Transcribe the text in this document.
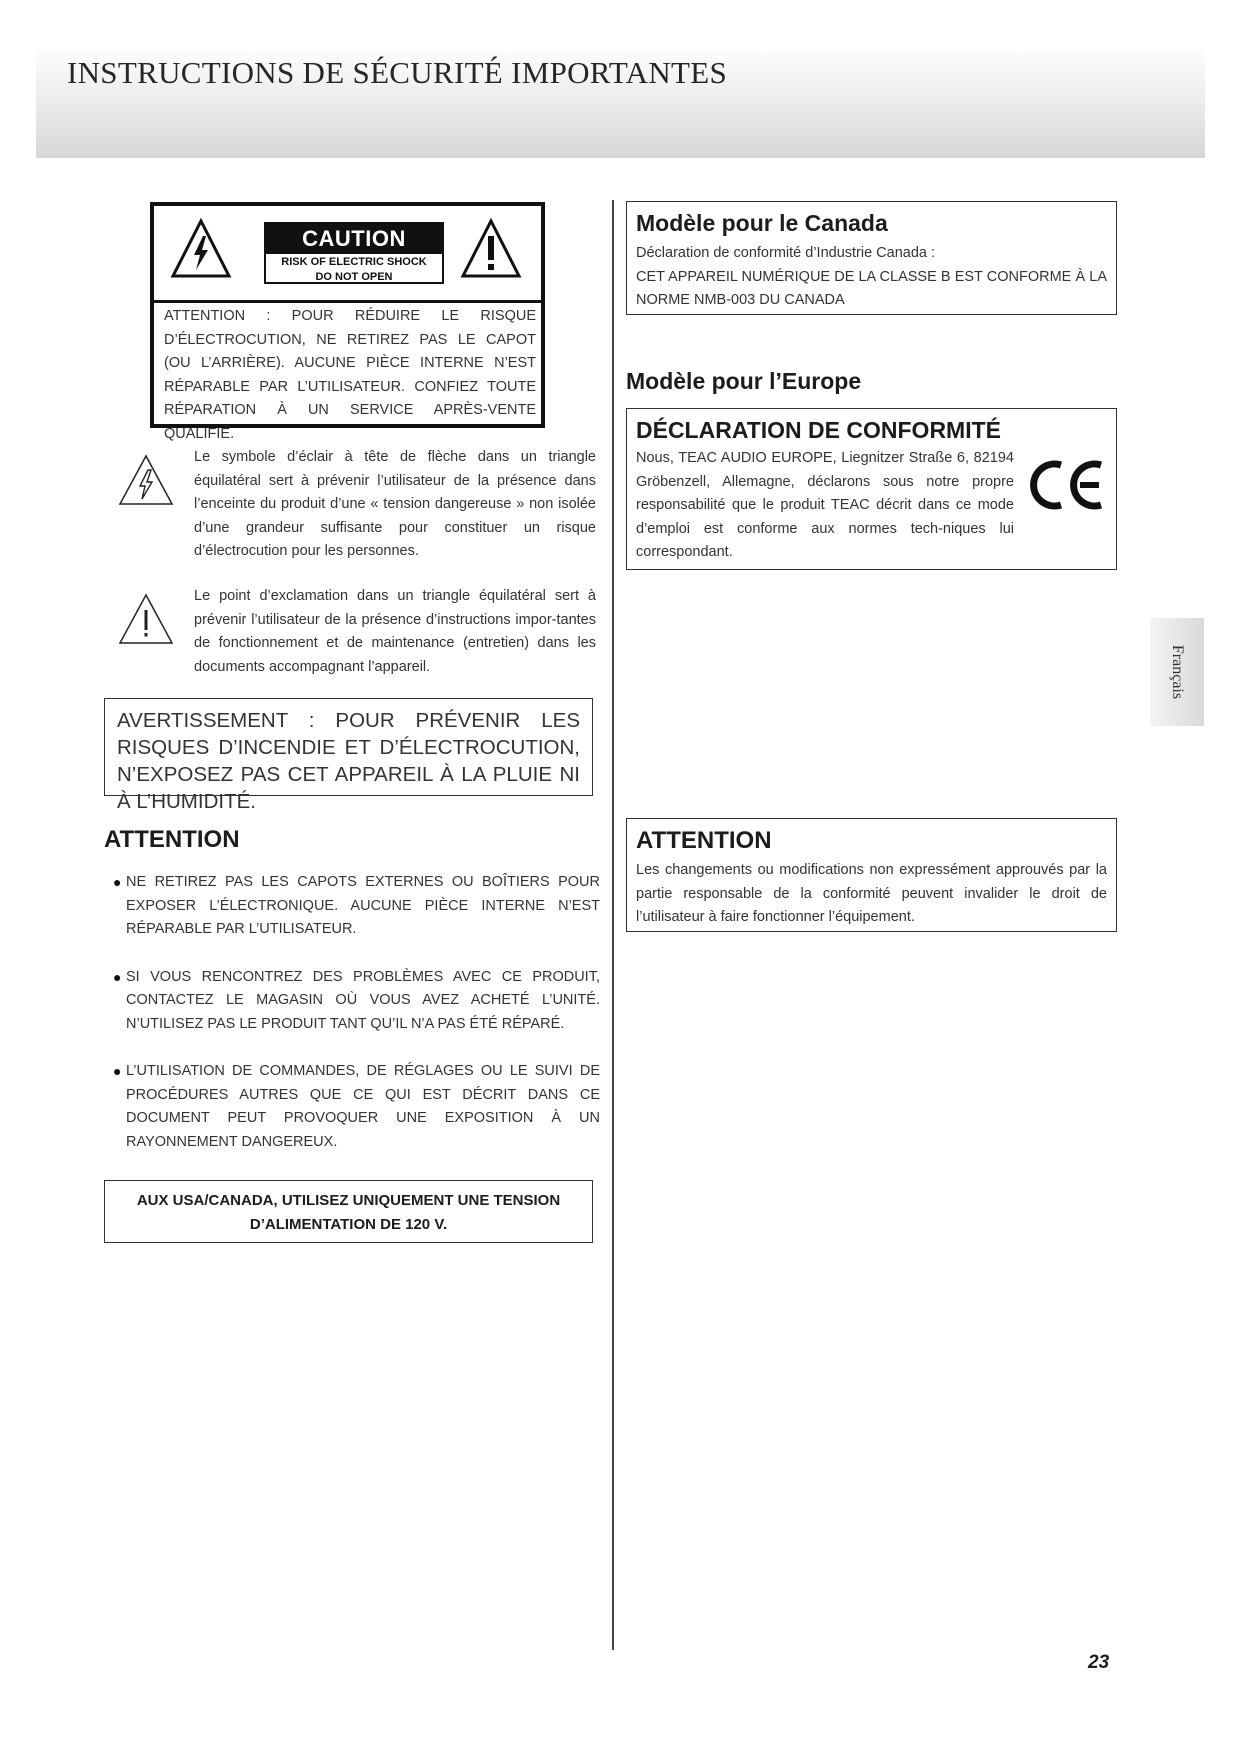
INSTRUCTIONS DE SÉCURITÉ IMPORTANTES
CAUTION
RISK OF ELECTRIC SHOCK
DO NOT OPEN

ATTENTION : POUR RÉDUIRE LE RISQUE
D’ÉLECTROCUTION, NE RETIREZ PAS LE CAPOT
(OU L’ARRIÈRE). AUCUNE PIÈCE INTERNE N’EST
RÉPARABLE PAR L’UTILISATEUR. CONFIEZ TOUTE
RÉPARATION À UN SERVICE APRÈS-VENTE QUALIFIÉ.

Le symbole d’éclair à tête de flèche dans un triangle équilatéral sert à prévenir l’utilisateur de la présence dans l’enceinte du produit d’une « tension dangereuse » non isolée d’une grandeur suffisante pour constituer un risque d’électrocution pour les personnes.

Le point d’exclamation dans un triangle équilatéral sert à prévenir l’utilisateur de la présence d’instructions impor-tantes de fonctionnement et de maintenance (entretien) dans les documents accompagnant l’appareil.

AVERTISSEMENT : POUR PRÉVENIR LES RISQUES D’INCENDIE ET D’ÉLECTROCUTION, N’EXPOSEZ PAS CET APPAREIL À LA PLUIE NI À L’HUMIDITÉ.

ATTENTION
● NE RETIREZ PAS LES CAPOTS EXTERNES OU BOÎTIERS POUR EXPOSER L’ÉLECTRONIQUE. AUCUNE PIÈCE INTERNE N’EST RÉPARABLE PAR L’UTILISATEUR.
● SI VOUS RENCONTREZ DES PROBLÈMES AVEC CE PRODUIT, CONTACTEZ LE MAGASIN OÙ VOUS AVEZ ACHETÉ L’UNITÉ. N’UTILISEZ PAS LE PRODUIT TANT QU’IL N’A PAS ÉTÉ RÉPARÉ.
● L’UTILISATION DE COMMANDES, DE RÉGLAGES OU LE SUIVI DE PROCÉDURES AUTRES QUE CE QUI EST DÉCRIT DANS CE DOCUMENT PEUT PROVOQUER UNE EXPOSITION À UN RAYONNEMENT DANGEREUX.
AUX USA/CANADA, UTILISEZ UNIQUEMENT UNE TENSION
D’ALIMENTATION DE 120 V.
Modèle pour le Canada

Déclaration de conformité d’Industrie Canada :

CET APPAREIL NUMÉRIQUE DE LA CLASSE B EST CONFORME À LA NORME NMB-003 DU CANADA

Modèle pour l’Europe
DÉCLARATION DE CONFORMITÉ

Nous, TEAC AUDIO EUROPE, Liegnitzer Straße 6, 82194 Gröbenzell, Allemagne, déclarons sous notre propre responsabilité que le produit TEAC décrit dans ce mode d’emploi est conforme aux normes tech-niques lui correspondant.

ATTENTION

Les changements ou modifications non expressément approuvés par la partie responsable de la conformité peuvent invalider le droit de l’utilisateur à faire fonctionner l’équipement.

Français

23
